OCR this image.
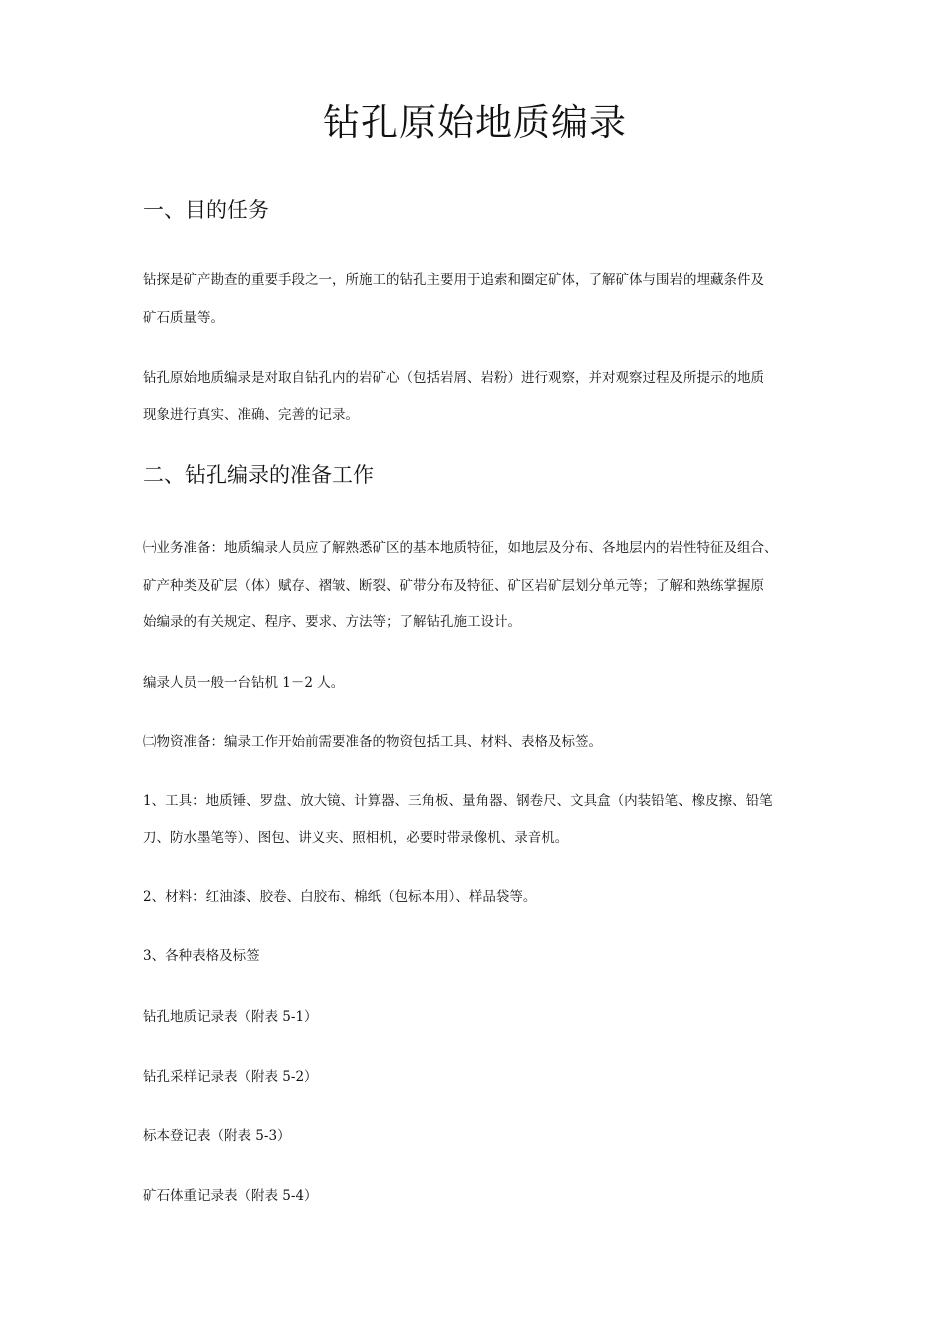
钻孔原始地质编录
一、目的任务
钻探是矿产勘查的重要手段之一，所施工的钻孔主要用于追索和圈定矿体，了解矿体与围岩的埋藏条件及
矿石质量等。
钻孔原始地质编录是对取自钻孔内的岩矿心（包括岩屑、岩粉）进行观察，并对观察过程及所提示的地质
现象进行真实、准确、完善的记录。
二、钻孔编录的准备工作
㈠业务准备：地质编录人员应了解熟悉矿区的基本地质特征，如地层及分布、各地层内的岩性特征及组合、
矿产种类及矿层（体）赋存、褶皱、断裂、矿带分布及特征、矿区岩矿层划分单元等；了解和熟练掌握原
始编录的有关规定、程序、要求、方法等；了解钻孔施工设计。
编录人员一般一台钻机 1－2 人。
㈡物资准备：编录工作开始前需要准备的物资包括工具、材料、表格及标签。
1、工具：地质锤、罗盘、放大镜、计算器、三角板、量角器、钢卷尺、文具盒（内装铅笔、橡皮擦、铅笔
刀、防水墨笔等）、图包、讲义夹、照相机，必要时带录像机、录音机。
2、材料：红油漆、胶卷、白胶布、棉纸（包标本用）、样品袋等。
3、各种表格及标签
钻孔地质记录表（附表 5-1）
钻孔采样记录表（附表 5-2）
标本登记表（附表 5-3）
矿石体重记录表（附表 5-4）
